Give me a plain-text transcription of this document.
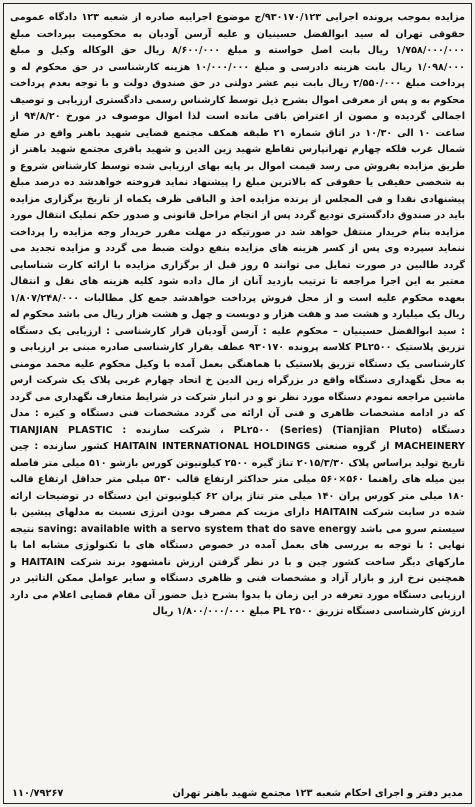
مزایده بموجب پرونده اجرایی ۹۳۰۱۷۰/۱۲۳/ج موضوع اجراییه صادره از شعبه ۱۲۳ دادگاه عمومی حقوقی تهران له سید ابوالفضل حسینیان و علیه آرسن آودیان به محکومیت بپرداخت مبلغ ۱/۷۵۸/۰۰۰/۰۰۰ ریال بابت اصل خواسته و مبلغ ۸/۶۰۰/۰۰۰ ریال حق الوکاله وکیل و مبلغ ۱/۰۹۸/۰۰۰ ریال بابت هزینه دادرسی و مبلغ ۱۰/۰۰۰/۰۰۰ هزینه کارشناسی در حق محکوم له و پرداخت مبلغ ۲/۵۵۰/۰۰۰ ریال بابت نیم عشر دولتی در حق صندوق دولت و با توجه بعدم پرداخت محکوم به و پس از معرفی اموال بشرح ذیل توسط کارشناس رسمی دادگستری ارزیابی و توصیف اجمالی گردیده و مصون از اعتراض باقی مانده است لذا اموال موصوف در مورخ ۹۴/۸/۲۰ از ساعت ۱۰ الی ۱۰/۳۰ در اتاق شماره ۲۱ طبقه همکف مجتمع قضایی شهید باهنر واقع در ضلع شمال غرب فلکه چهارم تهرانپارس تقاطع شهید زین الدین و شهید باقری مجتمع شهید باهنر از طریق مزایده بفروش می رسد قیمت اموال بر پایه بهای ارزیابی شده توسط کارشناس شروع و به شخصی حقیقی یا حقوقی که بالاترین مبلغ را پیشنهاد نماید فروخته خواهدشد ده درصد مبلغ پیشنهادی نقدا و فی المجلس از برنده مزایده اخذ و الباقی ظرف یکماه از تاریخ برگزاری مزایده باید در صندوق دادگستری تودیع گردد پس از انجام مراحل قانونی و صدور حکم تملیک انتقال مورد مزایده بنام خریدار منتقل خواهد شد در صورتیکه در مهلت مقرر خریدار وجه مزایده را پرداخت ننماید سپرده وی پس از کسر هزینه های مزایده بنفع دولت ضبط می گردد و مزایده تجدید می گردد طالبین در صورت تمایل می توانند ۵ روز قبل از برگزاری مزایده با ارائه کارت شناسایی معتبر به این اجرا مراجعه تا ترتیب بازدید آنان از مال داده شود کلیه هزینه های نقل و انتقال بعهده محکوم علیه است و از محل فروش پرداخت خواهدشد جمع کل مطالبات ۱/۸۰۷/۲۴۸/۰۰۰ ریال یک میلیارد و هشت صد و هفت هزار و دویست و چهل و هشت هزار ریال می باشد محکوم له : سید ابوالفضل حسینیان – محکوم علیه : آرسن آودیان قرار کارشناسی : ارزیابی یک دستگاه تزریق پلاستیک PL۲۵۰۰ کلاسه پرونده ۹۳۰۱۷۰ عطف بقرار کارشناسی صادره مبنی بر ارزیابی و کارشناسی یک دستگاه تزریق پلاستیک با هماهنگی بعمل آمده با وکیل محکوم علیه محمد مومنی به محل نگهداری دستگاه واقع در بزرگراه زین الدین خ اتحاد چهارم غربی پلاک یک شرکت ارس ماشین مراجعه نمودم دستگاه مورد نظر نو و در انبار شرکت در شرایط متعارف نگهداری می گردد که در ادامه مشخصات ظاهری و فنی آن ارائه می گردد مشخصات فنی دستگاه و کیره : مدل دستگاه (Tianjian Pluto) PL۲۵۰۰ (Series) ، شرکت سازنده : TIANJIAN PLASTIC MACHEINERY از گروه صنعتی HAITAIN INTERNATIONAL HOLDINGS کشور سازنده : چین تاریخ تولید براساس پلاک ۲۰۱۵/۳/۳۰ تناژ گیره ۲۵۰۰ کیلونیوتن کورس بازشو ۵۱۰ میلی متر فاصله بین میله های راهنما ۵۶۰×۵۶۰ میلی متر حداکثر ارتفاع قالب ۵۳۰ میلی متر حداقل ارتفاع قالب ۱۸۰ میلی متر کورس پران ۱۴۰ میلی متر تناژ پران ۶۲ کیلونیوتن این دستگاه در توضیحات ارائه شده در سایت شرکت HAITAIN دارای مزیت کم مصرف بودن انرژی نسبت به مدلهای پیشین با سیستم سرو می باشد saving: available with a servo system that do save energy نتیجه نهایی : با توجه به بررسی های بعمل آمده در خصوص دستگاه های با تکنولوژی مشابه اما با مارکهای دیگر ساخت کشور چین و با در نظر گرفتن ارزش نامشهود برند شرکت HAITAIN و همچنین نرخ ارز و بازار آزاد و مشخصات فنی و ظاهری دستگاه و سایر عوامل ممکن التاثیر در ارزیابی دستگاه مورد تعرفه در این زمان با بدوا بشرح ذیل حضور آن مقام قضایی اعلام می دارد ارزش کارشناسی دستگاه تزریق PL ۲۵۰۰ مبلغ ۱/۸۰۰/۰۰۰/۰۰۰ ریال
مدیر دفتر و اجرای احکام شعبه ۱۲۳ مجتمع شهید باهنر تهران
۱۱۰/۷۹۲۶۷
